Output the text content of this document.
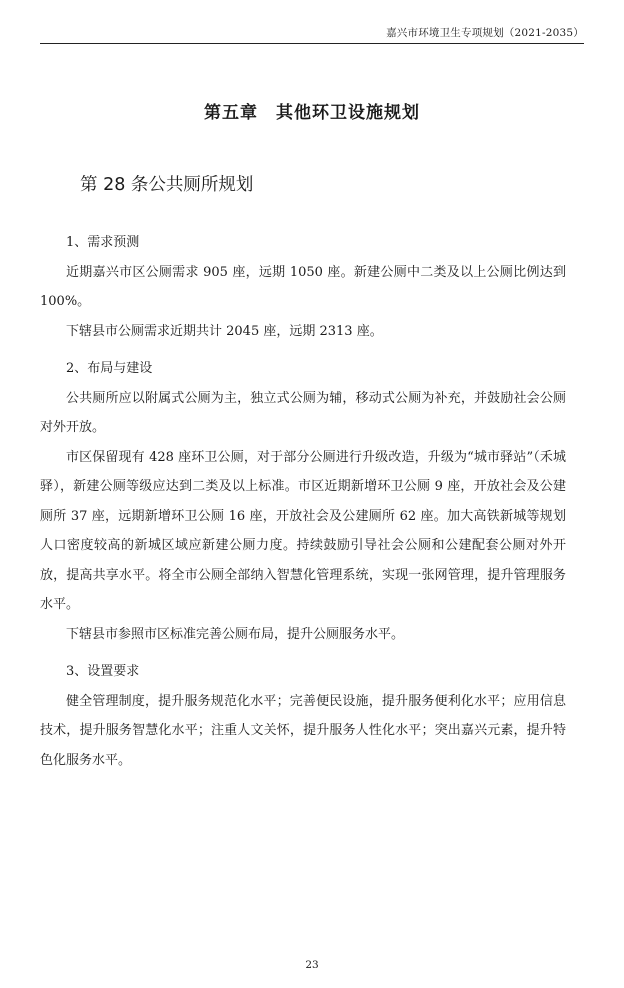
嘉兴市环境卫生专项规划（2021-2035）
第五章　其他环卫设施规划
第 28 条公共厕所规划

1、需求预测

近期嘉兴市区公厕需求 905 座，远期 1050 座。新建公厕中二类及以上公厕比例达到 100%。

下辖县市公厕需求近期共计 2045 座，远期 2313 座。

2、布局与建设

公共厕所应以附属式公厕为主，独立式公厕为辅，移动式公厕为补充，并鼓励社会公厕对外开放。

市区保留现有 428 座环卫公厕，对于部分公厕进行升级改造，升级为“城市驿站”（禾城驿），新建公厕等级应达到二类及以上标准。市区近期新增环卫公厕 9 座，开放社会及公建厕所 37 座，远期新增环卫公厕 16 座，开放社会及公建厕所 62 座。加大高铁新城等规划人口密度较高的新城区域应新建公厕力度。持续鼓励引导社会公厕和公建配套公厕对外开放，提高共享水平。将全市公厕全部纳入智慧化管理系统，实现一张网管理，提升管理服务水平。

下辖县市参照市区标准完善公厕布局，提升公厕服务水平。

3、设置要求

健全管理制度，提升服务规范化水平；完善便民设施，提升服务便利化水平；应用信息技术，提升服务智慧化水平；注重人文关怀，提升服务人性化水平；突出嘉兴元素，提升特色化服务水平。

23
